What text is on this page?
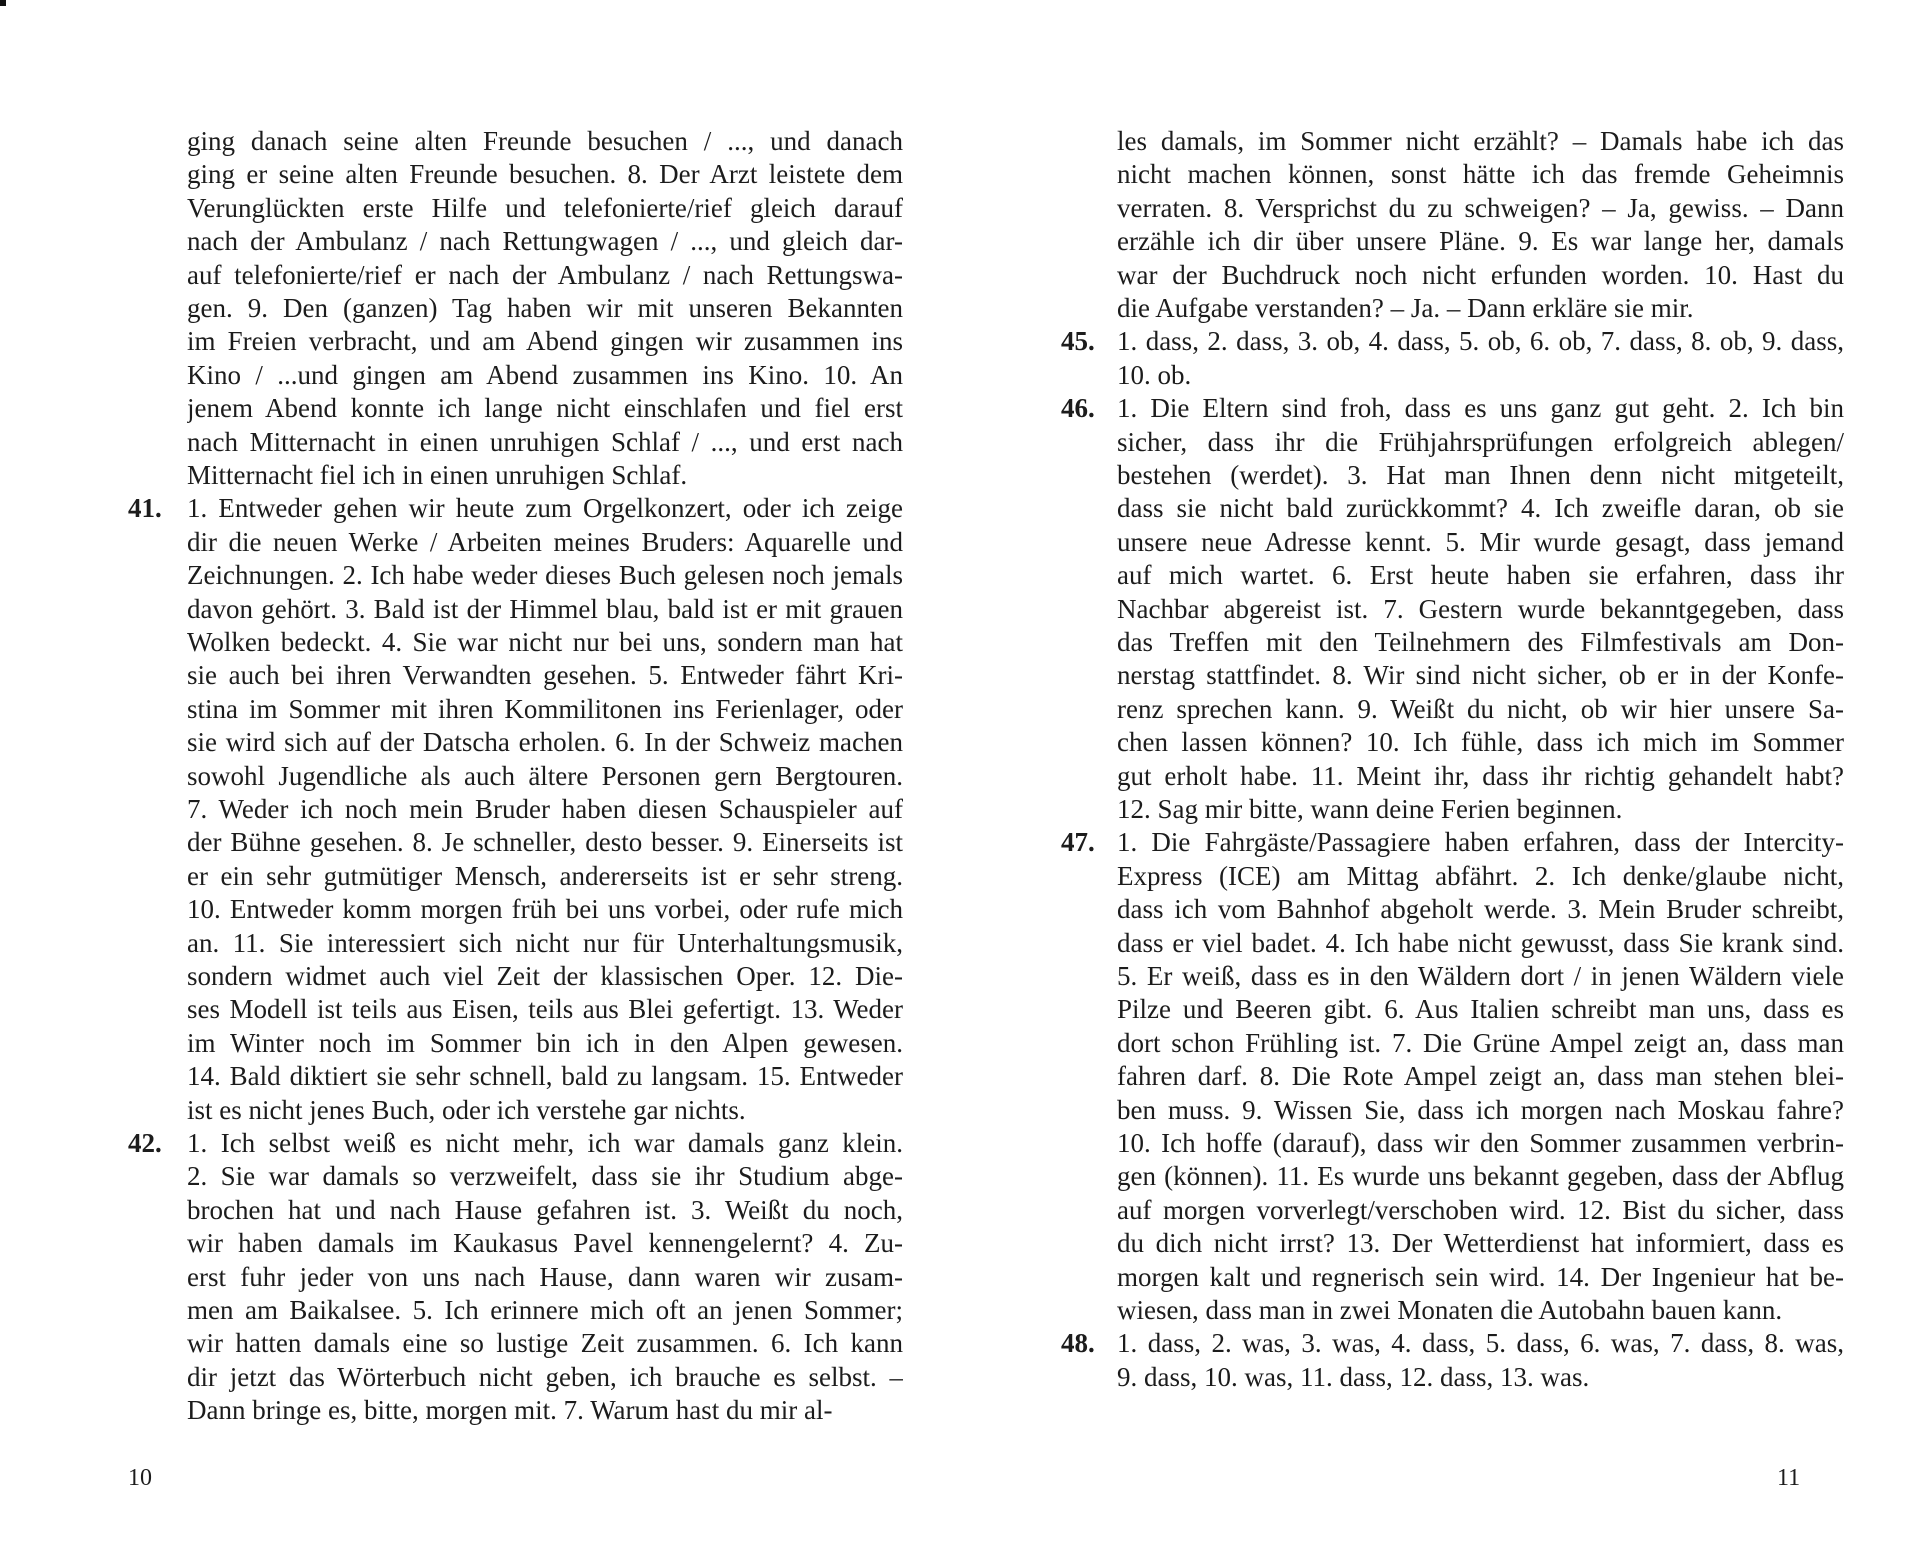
ging danach seine alten Freunde besuchen / ..., und danach
ging er seine alten Freunde besuchen. 8. Der Arzt leistete dem
Verunglückten erste Hilfe und telefonierte/rief gleich darauf
nach der Ambulanz / nach Rettungwagen / ..., und gleich dar-
auf telefonierte/rief er nach der Ambulanz / nach Rettungswa-
gen. 9. Den (ganzen) Tag haben wir mit unseren Bekannten
im Freien verbracht, und am Abend gingen wir zusammen ins
Kino / ...und gingen am Abend zusammen ins Kino. 10. An
jenem Abend konnte ich lange nicht einschlafen und fiel erst
nach Mitternacht in einen unruhigen Schlaf / ..., und erst nach
Mitternacht fiel ich in einen unruhigen Schlaf.
41. 1. Entweder gehen wir heute zum Orgelkonzert, oder ich zeige
dir die neuen Werke / Arbeiten meines Bruders: Aquarelle und
Zeichnungen. 2. Ich habe weder dieses Buch gelesen noch jemals
davon gehört. 3. Bald ist der Himmel blau, bald ist er mit grauen
Wolken bedeckt. 4. Sie war nicht nur bei uns, sondern man hat
sie auch bei ihren Verwandten gesehen. 5. Entweder fährt Kri-
stina im Sommer mit ihren Kommilitonen ins Ferienlager, oder
sie wird sich auf der Datscha erholen. 6. In der Schweiz machen
sowohl Jugendliche als auch ältere Personen gern Bergtouren.
7. Weder ich noch mein Bruder haben diesen Schauspieler auf
der Bühne gesehen. 8. Je schneller, desto besser. 9. Einerseits ist
er ein sehr gutmütiger Mensch, andererseits ist er sehr streng.
10. Entweder komm morgen früh bei uns vorbei, oder rufe mich
an. 11. Sie interessiert sich nicht nur für Unterhaltungsmusik,
sondern widmet auch viel Zeit der klassischen Oper. 12. Die-
ses Modell ist teils aus Eisen, teils aus Blei gefertigt. 13. Weder
im Winter noch im Sommer bin ich in den Alpen gewesen.
14. Bald diktiert sie sehr schnell, bald zu langsam. 15. Entweder
ist es nicht jenes Buch, oder ich verstehe gar nichts.
42. 1. Ich selbst weiß es nicht mehr, ich war damals ganz klein.
2. Sie war damals so verzweifelt, dass sie ihr Studium abge-
brochen hat und nach Hause gefahren ist. 3. Weißt du noch,
wir haben damals im Kaukasus Pavel kennengelernt? 4. Zu-
erst fuhr jeder von uns nach Hause, dann waren wir zusam-
men am Baikalsee. 5. Ich erinnere mich oft an jenen Sommer;
wir hatten damals eine so lustige Zeit zusammen. 6. Ich kann
dir jetzt das Wörterbuch nicht geben, ich brauche es selbst. –
Dann bringe es, bitte, morgen mit. 7. Warum hast du mir al-
10
les damals, im Sommer nicht erzählt? – Damals habe ich das
nicht machen können, sonst hätte ich das fremde Geheimnis
verraten. 8. Versprichst du zu schweigen? – Ja, gewiss. – Dann
erzähle ich dir über unsere Pläne. 9. Es war lange her, damals
war der Buchdruck noch nicht erfunden worden. 10. Hast du
die Aufgabe verstanden? – Ja. – Dann erkläre sie mir.
45. 1. dass, 2. dass, 3. ob, 4. dass, 5. ob, 6. ob, 7. dass, 8. ob, 9. dass,
10. ob.
46. 1. Die Eltern sind froh, dass es uns ganz gut geht. 2. Ich bin
sicher, dass ihr die Frühjahrsprüfungen erfolgreich ablegen/
bestehen (werdet). 3. Hat man Ihnen denn nicht mitgeteilt,
dass sie nicht bald zurückkommt? 4. Ich zweifle daran, ob sie
unsere neue Adresse kennt. 5. Mir wurde gesagt, dass jemand
auf mich wartet. 6. Erst heute haben sie erfahren, dass ihr
Nachbar abgereist ist. 7. Gestern wurde bekanntgegeben, dass
das Treffen mit den Teilnehmern des Filmfestivals am Don-
nerstag stattfindet. 8. Wir sind nicht sicher, ob er in der Konfe-
renz sprechen kann. 9. Weißt du nicht, ob wir hier unsere Sa-
chen lassen können? 10. Ich fühle, dass ich mich im Sommer
gut erholt habe. 11. Meint ihr, dass ihr richtig gehandelt habt?
12. Sag mir bitte, wann deine Ferien beginnen.
47. 1. Die Fahrgäste/Passagiere haben erfahren, dass der Intercity-
Express (ICE) am Mittag abfährt. 2. Ich denke/glaube nicht,
dass ich vom Bahnhof abgeholt werde. 3. Mein Bruder schreibt,
dass er viel badet. 4. Ich habe nicht gewusst, dass Sie krank sind.
5. Er weiß, dass es in den Wäldern dort / in jenen Wäldern viele
Pilze und Beeren gibt. 6. Aus Italien schreibt man uns, dass es
dort schon Frühling ist. 7. Die Grüne Ampel zeigt an, dass man
fahren darf. 8. Die Rote Ampel zeigt an, dass man stehen blei-
ben muss. 9. Wissen Sie, dass ich morgen nach Moskau fahre?
10. Ich hoffe (darauf), dass wir den Sommer zusammen verbrin-
gen (können). 11. Es wurde uns bekannt gegeben, dass der Abflug
auf morgen vorverlegt/verschoben wird. 12. Bist du sicher, dass
du dich nicht irrst? 13. Der Wetterdienst hat informiert, dass es
morgen kalt und regnerisch sein wird. 14. Der Ingenieur hat be-
wiesen, dass man in zwei Monaten die Autobahn bauen kann.
48. 1. dass, 2. was, 3. was, 4. dass, 5. dass, 6. was, 7. dass, 8. was,
9. dass, 10. was, 11. dass, 12. dass, 13. was.
11
